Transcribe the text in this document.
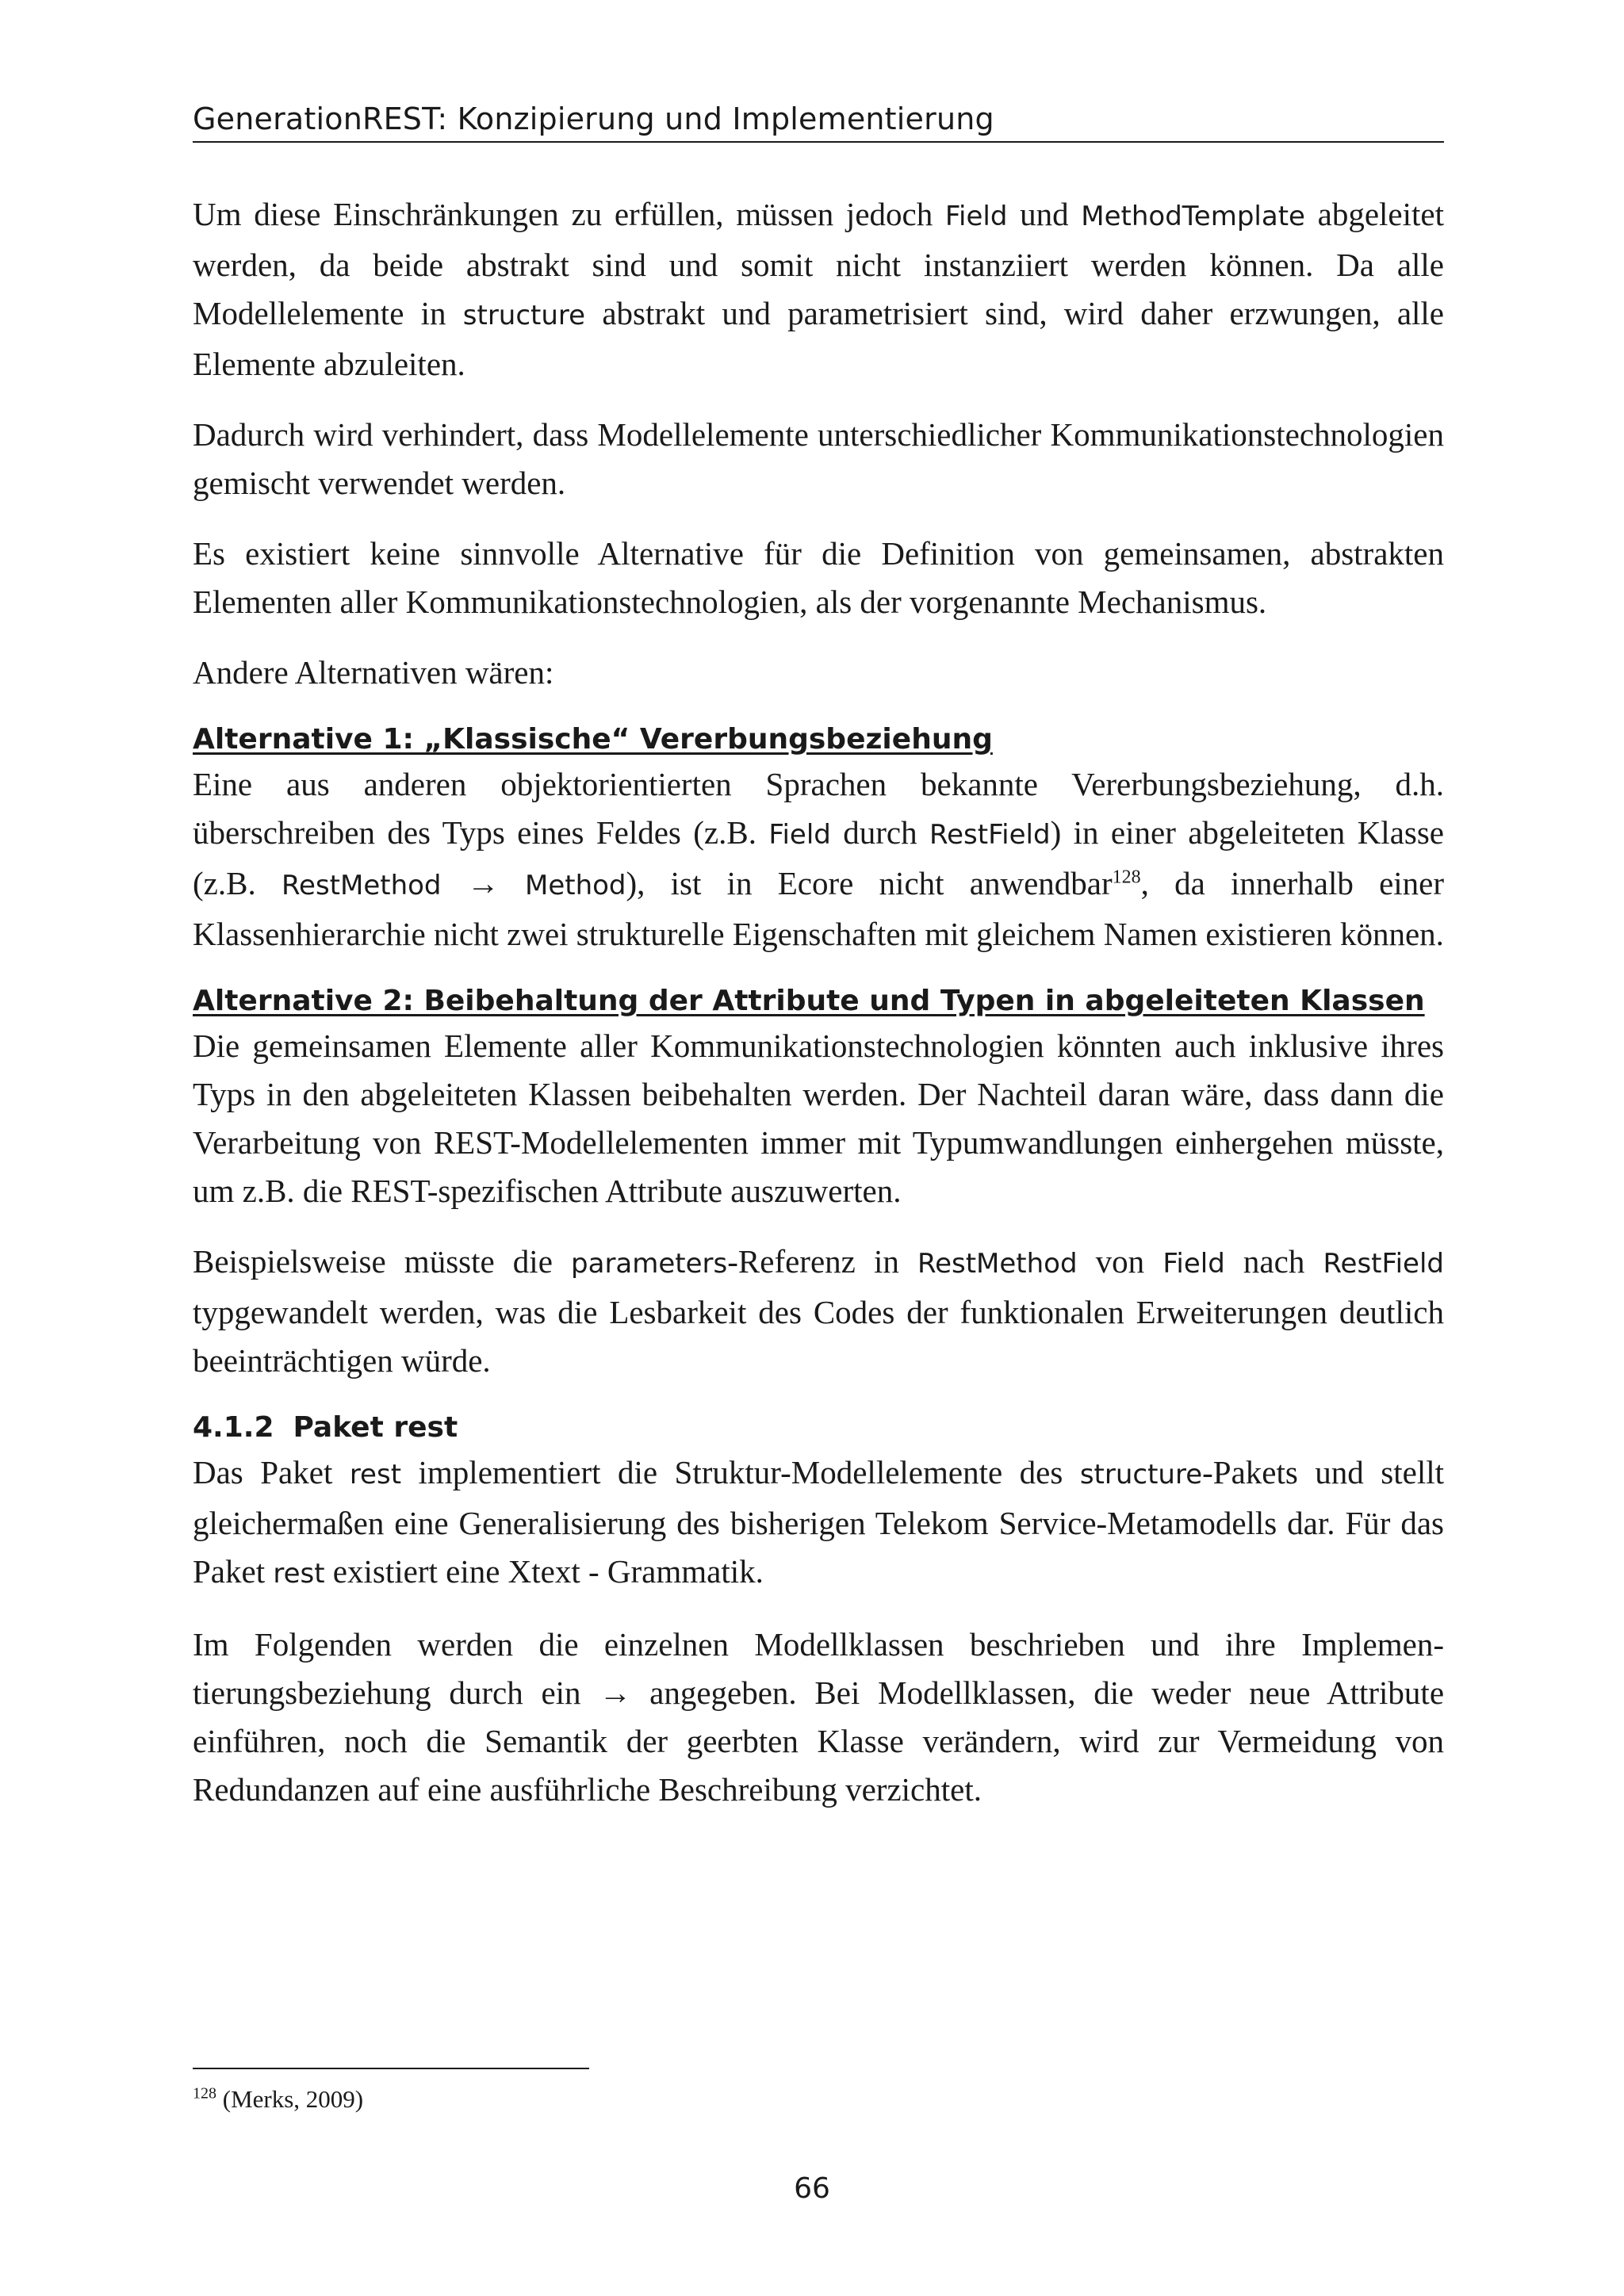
GenerationREST: Konzipierung und Implementierung

Um diese Einschränkungen zu erfüllen, müssen jedoch Field und MethodTemplate abgeleitet werden, da beide abstrakt sind und somit nicht instanziiert werden können. Da alle Modellelemente in structure abstrakt und parametrisiert sind, wird daher erzwungen, alle Elemente abzuleiten.

Dadurch wird verhindert, dass Modellelemente unterschiedlicher Kommunikationstechnologien gemischt verwendet werden.

Es existiert keine sinnvolle Alternative für die Definition von gemeinsamen, abstrakten Elementen aller Kommunikationstechnologien, als der vorgenannte Mechanismus.

Andere Alternativen wären:

Alternative 1: „Klassische“ Vererbungsbeziehung

Eine aus anderen objektorientierten Sprachen bekannte Vererbungsbeziehung, d.h. überschreiben des Typs eines Feldes (z.B. Field durch RestField) in einer abgeleiteten Klasse (z.B. RestMethod → Method), ist in Ecore nicht anwendbar$^{128}$, da innerhalb einer Klassenhierarchie nicht zwei strukturelle Eigenschaften mit gleichem Namen existieren können.

Alternative 2: Beibehaltung der Attribute und Typen in abgeleiteten Klassen

Die gemeinsamen Elemente aller Kommunikationstechnologien könnten auch inklusive ihres Typs in den abgeleiteten Klassen beibehalten werden. Der Nachteil daran wäre, dass dann die Verarbeitung von REST-Modellelementen immer mit Typumwandlungen einhergehen müsste, um z.B. die REST-spezifischen Attribute auszuwerten.

Beispielsweise müsste die parameters-Referenz in RestMethod von Field nach RestField typgewandelt werden, was die Lesbarkeit des Codes der funktionalen Erweiterungen deutlich beeinträchtigen würde.

4.1.2 Paket rest

Das Paket rest implementiert die Struktur-Modellelemente des structure-Pakets und stellt gleichermaßen eine Generalisierung des bisherigen Telekom Service-Metamodells dar. Für das Paket rest existiert eine Xtext - Grammatik.

Im Folgenden werden die einzelnen Modellklassen beschrieben und ihre Implementierungsbeziehung durch ein → angegeben. Bei Modellklassen, die weder neue Attribute einführen, noch die Semantik der geerbten Klasse verändern, wird zur Vermeidung von Redundanzen auf eine ausführliche Beschreibung verzichtet.

$^{128}$ (Merks, 2009)
66
